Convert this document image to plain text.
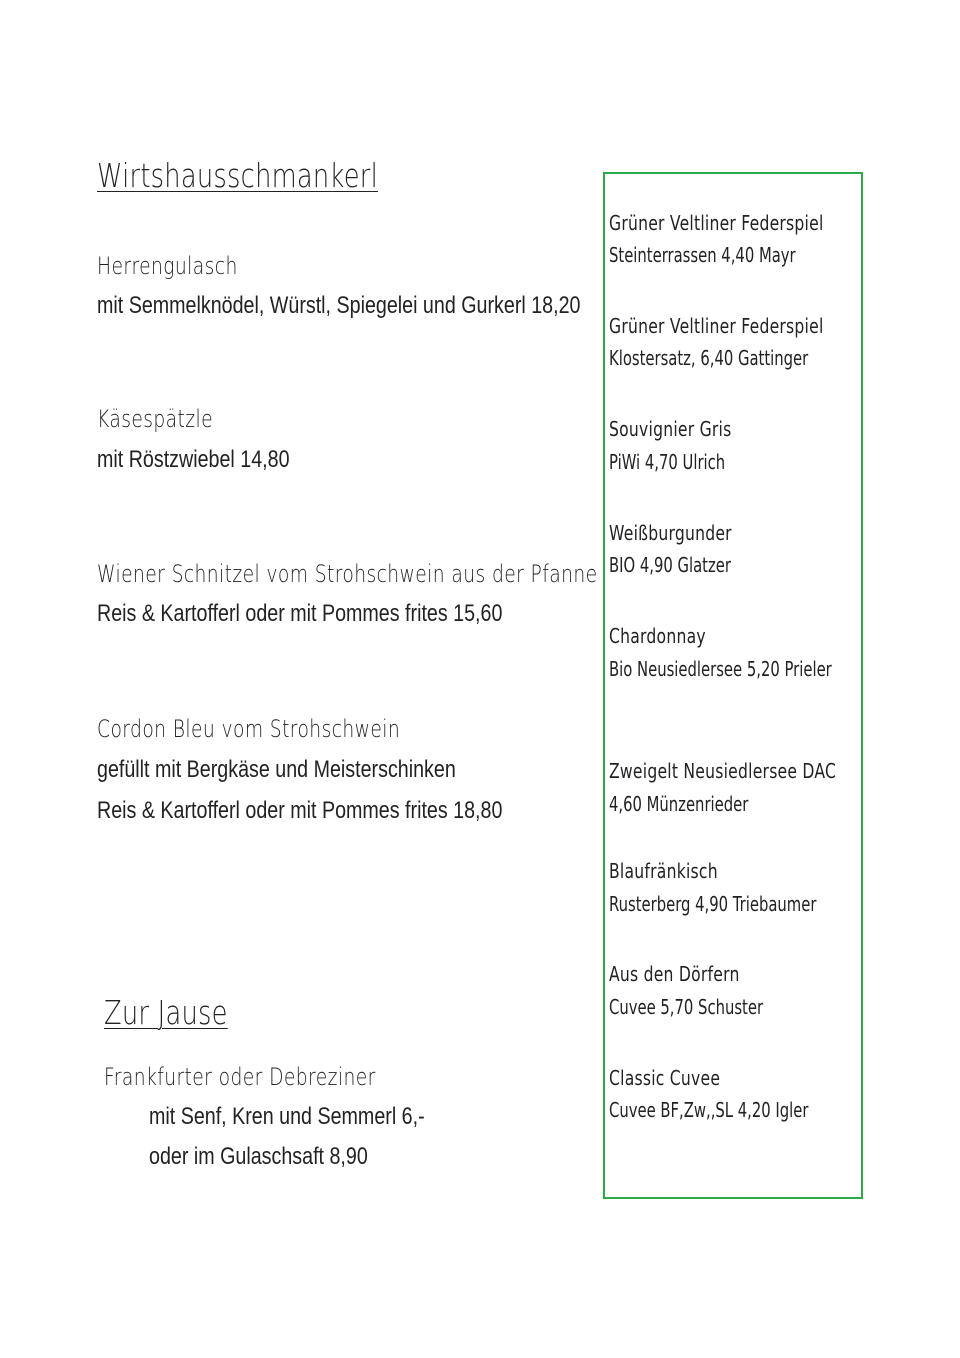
Wirtshausschmankerl
Herrengulasch
mit Semmelknödel, Würstl, Spiegelei und Gurkerl 18,20
Käsespätzle
mit Röstzwiebel 14,80
Wiener Schnitzel vom Strohschwein aus der Pfanne
Reis & Kartofferl oder mit Pommes frites 15,60
Cordon Bleu vom Strohschwein
gefüllt mit Bergkäse und Meisterschinken
Reis & Kartofferl oder mit Pommes frites 18,80
Zur Jause
Frankfurter oder Debreziner
mit Senf, Kren und Semmerl 6,-
oder im Gulaschsaft 8,90
Grüner Veltliner Federspiel
Steinterrassen 4,40 Mayr
Grüner Veltliner Federspiel
Klostersatz, 6,40 Gattinger
Souvignier Gris
PiWi 4,70 Ulrich
Weißburgunder
BIO 4,90 Glatzer
Chardonnay
Bio Neusiedlersee 5,20 Prieler
Zweigelt Neusiedlersee DAC
4,60 Münzenrieder
Blaufränkisch
Rusterberg 4,90 Triebaumer
Aus den Dörfern
Cuvee 5,70 Schuster
Classic Cuvee
Cuvee BF,Zw,,SL 4,20 Igler
